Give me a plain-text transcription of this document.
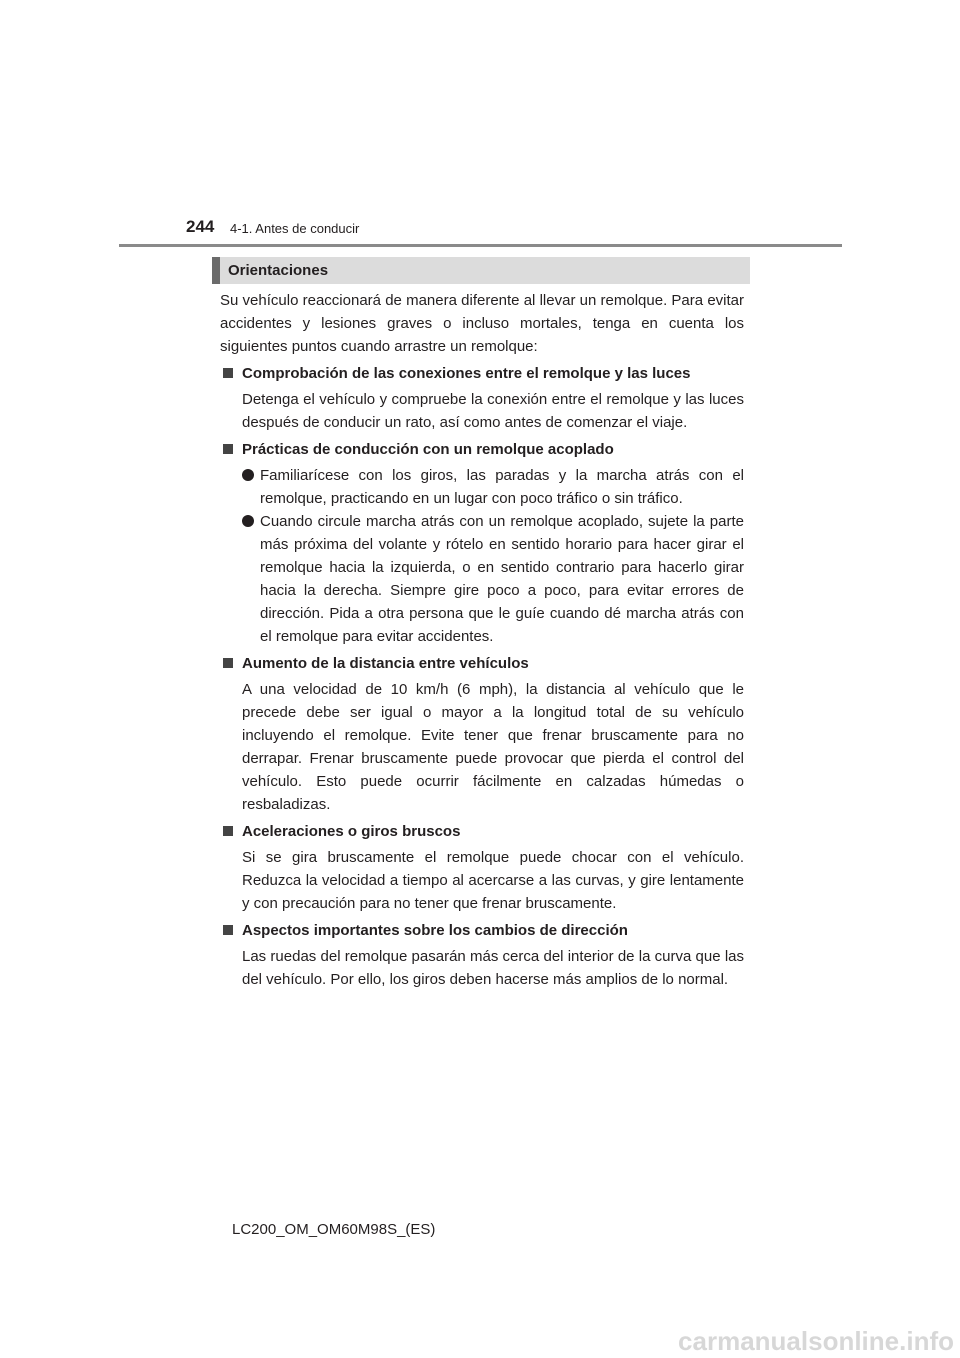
244 4-1. Antes de conducir
Orientaciones

Su vehículo reaccionará de manera diferente al llevar un remolque. Para evitar accidentes y lesiones graves o incluso mortales, tenga en cuenta los siguientes puntos cuando arrastre un remolque:

Comprobación de las conexiones entre el remolque y las luces

Detenga el vehículo y compruebe la conexión entre el remolque y las luces después de conducir un rato, así como antes de comenzar el viaje.

Prácticas de conducción con un remolque acoplado
Familiarícese con los giros, las paradas y la marcha atrás con el remolque, practicando en un lugar con poco tráfico o sin tráfico.
Cuando circule marcha atrás con un remolque acoplado, sujete la parte más próxima del volante y rótelo en sentido horario para hacer girar el remolque hacia la izquierda, o en sentido contrario para hacerlo girar hacia la derecha. Siempre gire poco a poco, para evitar errores de dirección. Pida a otra persona que le guíe cuando dé marcha atrás con el remolque para evitar accidentes.
Aumento de la distancia entre vehículos

A una velocidad de 10 km/h (6 mph), la distancia al vehículo que le precede debe ser igual o mayor a la longitud total de su vehículo incluyendo el remolque. Evite tener que frenar bruscamente para no derrapar. Frenar bruscamente puede provocar que pierda el control del vehículo. Esto puede ocurrir fácilmente en calzadas húmedas o resbaladizas.

Aceleraciones o giros bruscos

Si se gira bruscamente el remolque puede chocar con el vehículo. Reduzca la velocidad a tiempo al acercarse a las curvas, y gire lentamente y con precaución para no tener que frenar bruscamente.

Aspectos importantes sobre los cambios de dirección

Las ruedas del remolque pasarán más cerca del interior de la curva que las del vehículo. Por ello, los giros deben hacerse más amplios de lo normal.

LC200_OM_OM60M98S_(ES)
carmanualsonline.info
